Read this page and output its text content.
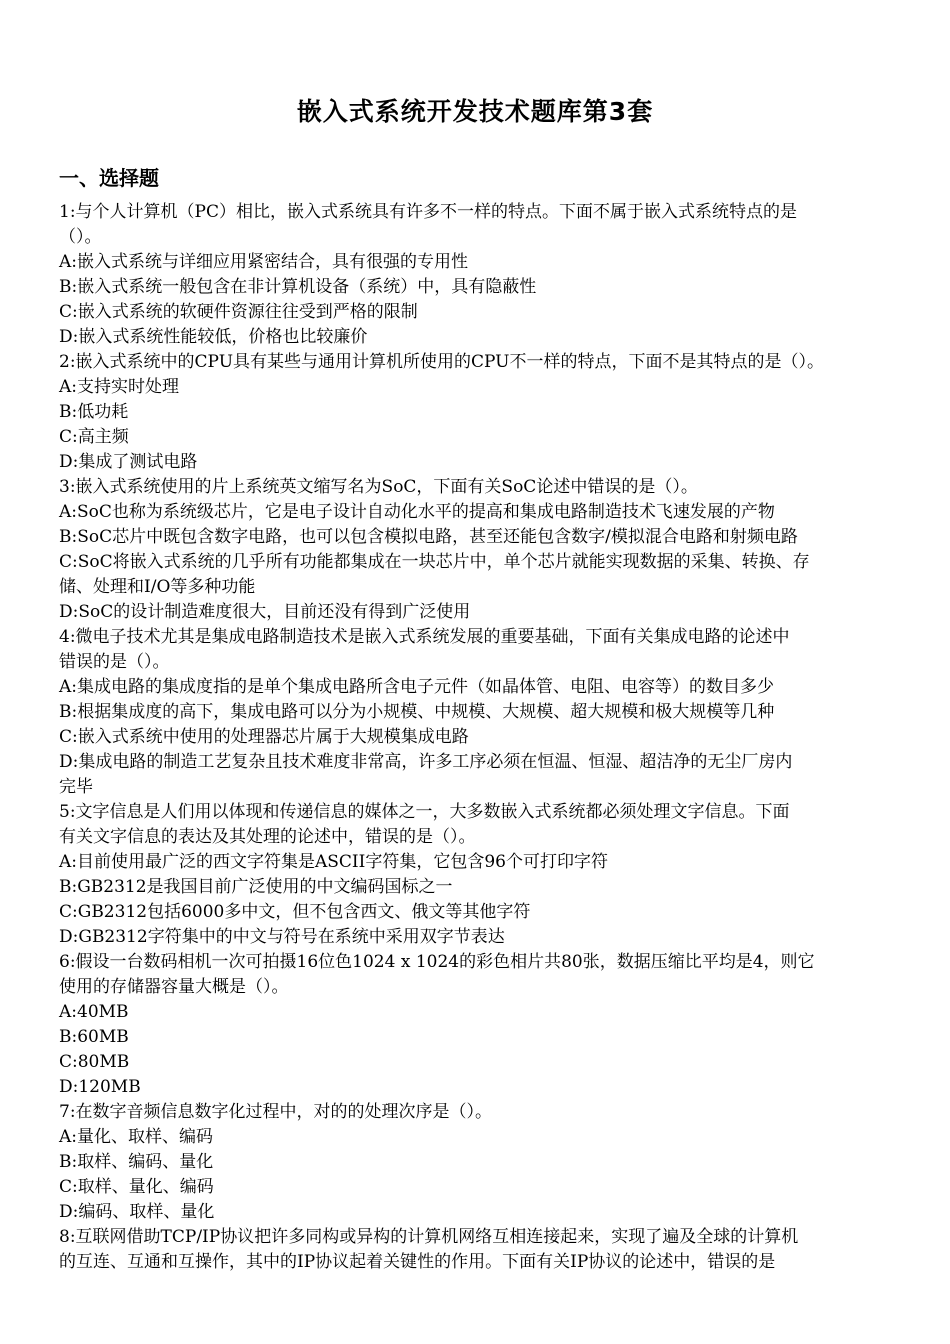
嵌入式系统开发技术题库第3套
一、选择题
1:与个人计算机（PC）相比，嵌入式系统具有许多不一样的特点。下面不属于嵌入式系统特点的是
（）。
A:嵌入式系统与详细应用紧密结合，具有很强的专用性
B:嵌入式系统一般包含在非计算机设备（系统）中，具有隐蔽性
C:嵌入式系统的软硬件资源往往受到严格的限制
D:嵌入式系统性能较低，价格也比较廉价
2:嵌入式系统中的CPU具有某些与通用计算机所使用的CPU不一样的特点，下面不是其特点的是（）。
A:支持实时处理
B:低功耗
C:高主频
D:集成了测试电路
3:嵌入式系统使用的片上系统英文缩写名为SoC，下面有关SoC论述中错误的是（）。
A:SoC也称为系统级芯片，它是电子设计自动化水平的提高和集成电路制造技术飞速发展的产物
B:SoC芯片中既包含数字电路，也可以包含模拟电路，甚至还能包含数字/模拟混合电路和射频电路
C:SoC将嵌入式系统的几乎所有功能都集成在一块芯片中，单个芯片就能实现数据的采集、转换、存
储、处理和I/O等多种功能
D:SoC的设计制造难度很大，目前还没有得到广泛使用
4:微电子技术尤其是集成电路制造技术是嵌入式系统发展的重要基础，下面有关集成电路的论述中
错误的是（）。
A:集成电路的集成度指的是单个集成电路所含电子元件（如晶体管、电阻、电容等）的数目多少
B:根据集成度的高下，集成电路可以分为小规模、中规模、大规模、超大规模和极大规模等几种
C:嵌入式系统中使用的处理器芯片属于大规模集成电路
D:集成电路的制造工艺复杂且技术难度非常高，许多工序必须在恒温、恒湿、超洁净的无尘厂房内
完毕
5:文字信息是人们用以体现和传递信息的媒体之一，大多数嵌入式系统都必须处理文字信息。下面
有关文字信息的表达及其处理的论述中，错误的是（）。
A:目前使用最广泛的西文字符集是ASCII字符集，它包含96个可打印字符
B:GB2312是我国目前广泛使用的中文编码国标之一
C:GB2312包括6000多中文，但不包含西文、俄文等其他字符
D:GB2312字符集中的中文与符号在系统中采用双字节表达
6:假设一台数码相机一次可拍摄16位色1024 x 1024的彩色相片共80张，数据压缩比平均是4，则它
使用的存储器容量大概是（）。
A:40MB
B:60MB
C:80MB
D:120MB
7:在数字音频信息数字化过程中，对的的处理次序是（）。
A:量化、取样、编码
B:取样、编码、量化
C:取样、量化、编码
D:编码、取样、量化
8:互联网借助TCP/IP协议把许多同构或异构的计算机网络互相连接起来，实现了遍及全球的计算机
的互连、互通和互操作，其中的IP协议起着关键性的作用。下面有关IP协议的论述中，错误的是
